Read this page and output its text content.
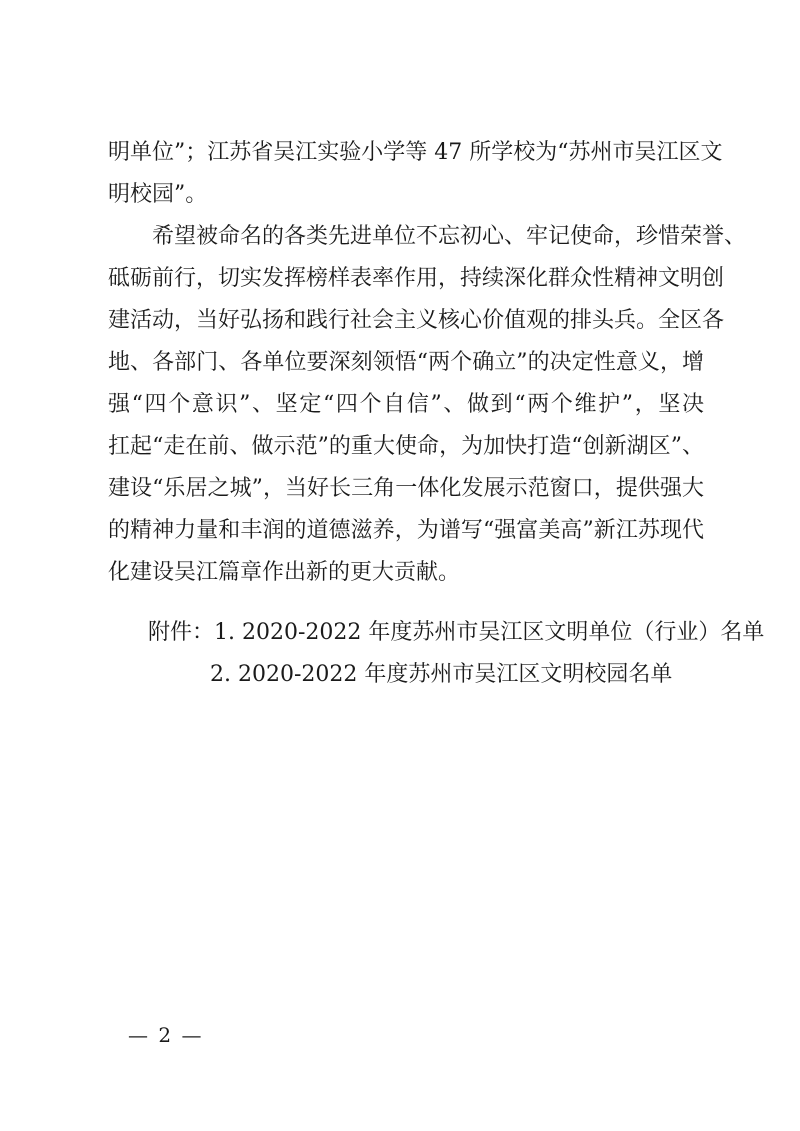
明单位”；江苏省吴江实验小学等 47 所学校为“苏州市吴江区文
明校园”。
　　希望被命名的各类先进单位不忘初心、牢记使命，珍惜荣誉、
砥砺前行，切实发挥榜样表率作用，持续深化群众性精神文明创
建活动，当好弘扬和践行社会主义核心价值观的排头兵。全区各
地、各部门、各单位要深刻领悟“两个确立”的决定性意义，增
强“四个意识”、坚定“四个自信”、做到“两个维护”，坚决
扛起“走在前、做示范”的重大使命，为加快打造“创新湖区”、
建设“乐居之城”，当好长三角一体化发展示范窗口，提供强大
的精神力量和丰润的道德滋养，为谱写“强富美高”新江苏现代
化建设吴江篇章作出新的更大贡献。
附件：1. 2020-2022 年度苏州市吴江区文明单位（行业）名单
2. 2020-2022 年度苏州市吴江区文明校园名单
— 2 —
